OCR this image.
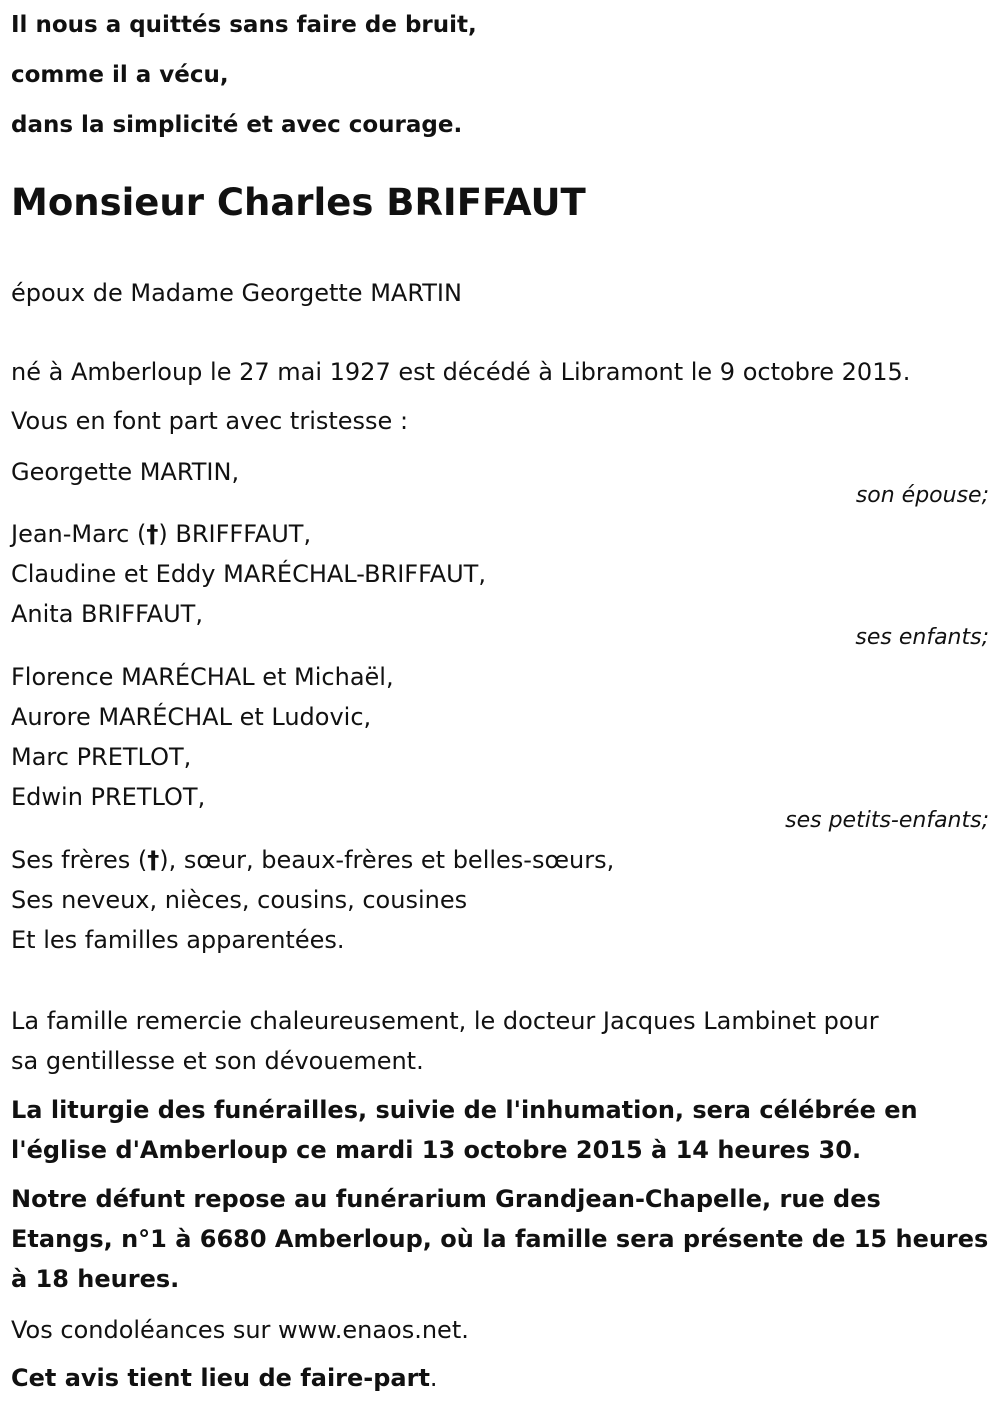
Il nous a quittés sans faire de bruit,
comme il a vécu,
dans la simplicité et avec courage.
Monsieur Charles BRIFFAUT
époux de Madame Georgette MARTIN
né à Amberloup le 27 mai 1927 est décédé à Libramont le 9 octobre 2015.
Vous en font part avec tristesse :
Georgette MARTIN,
son épouse;
Jean-Marc (†) BRIFFFAUT,
Claudine et Eddy MARÉCHAL-BRIFFAUT,
Anita BRIFFAUT,
ses enfants;
Florence MARÉCHAL et Michaël,
Aurore MARÉCHAL et Ludovic,
Marc PRETLOT,
Edwin PRETLOT,
ses petits-enfants;
Ses frères (†), sœur, beaux-frères et belles-sœurs,
Ses neveux, nièces, cousins, cousines
Et les familles apparentées.
La famille remercie chaleureusement, le docteur Jacques Lambinet pour
sa gentillesse et son dévouement.
La liturgie des funérailles, suivie de l'inhumation, sera célébrée en
l'église d'Amberloup ce mardi 13 octobre 2015 à 14 heures 30.
Notre défunt repose au funérarium Grandjean-Chapelle, rue des
Etangs, n°1 à 6680 Amberloup, où la famille sera présente de 15 heures
à 18 heures.
Vos condoléances sur www.enaos.net.
Cet avis tient lieu de faire-part.
